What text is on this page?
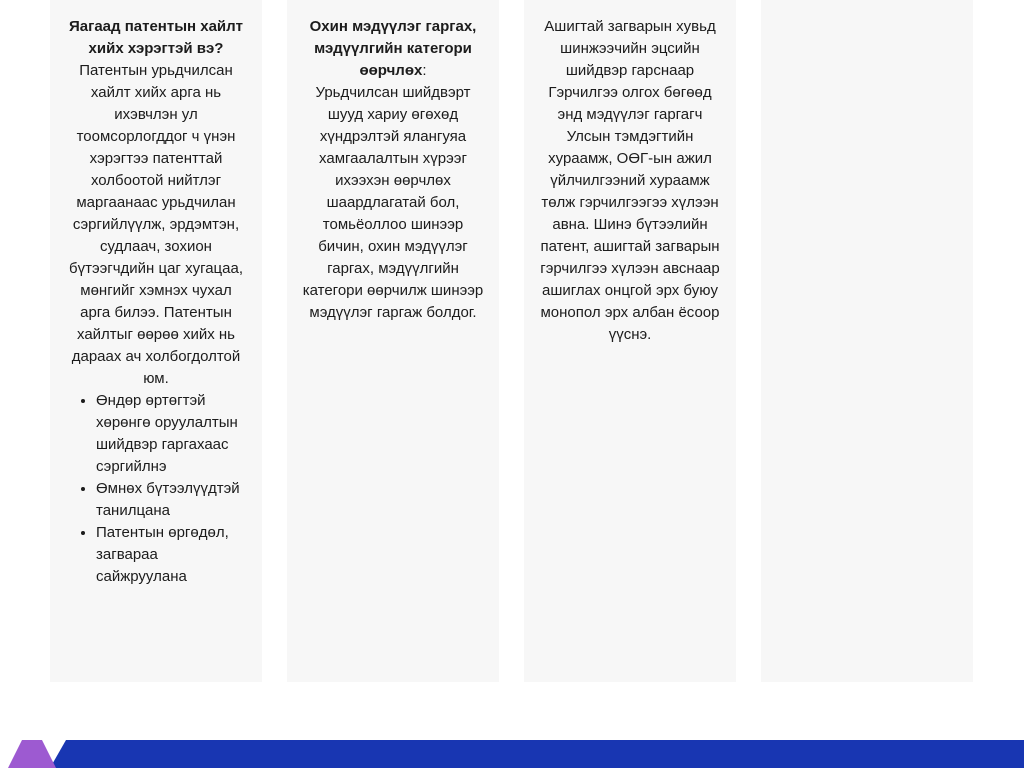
Яагаад патентын хайлт хийх хэрэгтэй вэ?
Патентын урьдчилсан хайлт хийх арга нь ихэвчлэн ул тоомсорлогддог ч үнэн хэрэгтээ патенттай холбоотой нийтлэг маргаанаас урьдчилан сэргийлүүлж, эрдэмтэн, судлаач, зохион бүтээгчдийн цаг хугацаа, мөнгийг хэмнэх чухал арга билээ. Патентын хайлтыг өөрөө хийх нь дараах ач холбогдолтой юм.

• Өндөр өртөгтэй хөрөнгө оруулалтын шийдвэр гаргахаас сэргийлнэ
• Өмнөх бүтээлүүдтэй танилцана
• Патентын өргөдөл, загвараа сайжруулана

Охин мэдүүлэг гаргах, мэдүүлгийн категори өөрчлөх:
Урьдчилсан шийдвэрт шууд хариу өгөхөд хүндрэлтэй ялангуяа хамгаалалтын хүрээг ихээхэн өөрчлөх шаардлагатай бол, томьёоллоо шинээр бичин, охин мэдүүлэг гаргах, мэдүүлгийн категори өөрчилж шинээр мэдүүлэг гаргаж болдог.

Ашигтай загварын хувьд шинжээчийн эцсийн шийдвэр гарснаар Гэрчилгээ олгох бөгөөд энд мэдүүлэг гаргагч Улсын тэмдэгтийн хураамж, ОӨГ-ын ажил үйлчилгээний хураамж төлж гэрчилгээгээ хүлээн авна. Шинэ бүтээлийн патент, ашигтай загварын гэрчилгээ хүлээн авснаар ашиглах онцгой эрх буюу монопол эрх албан ёсоор үүснэ.
